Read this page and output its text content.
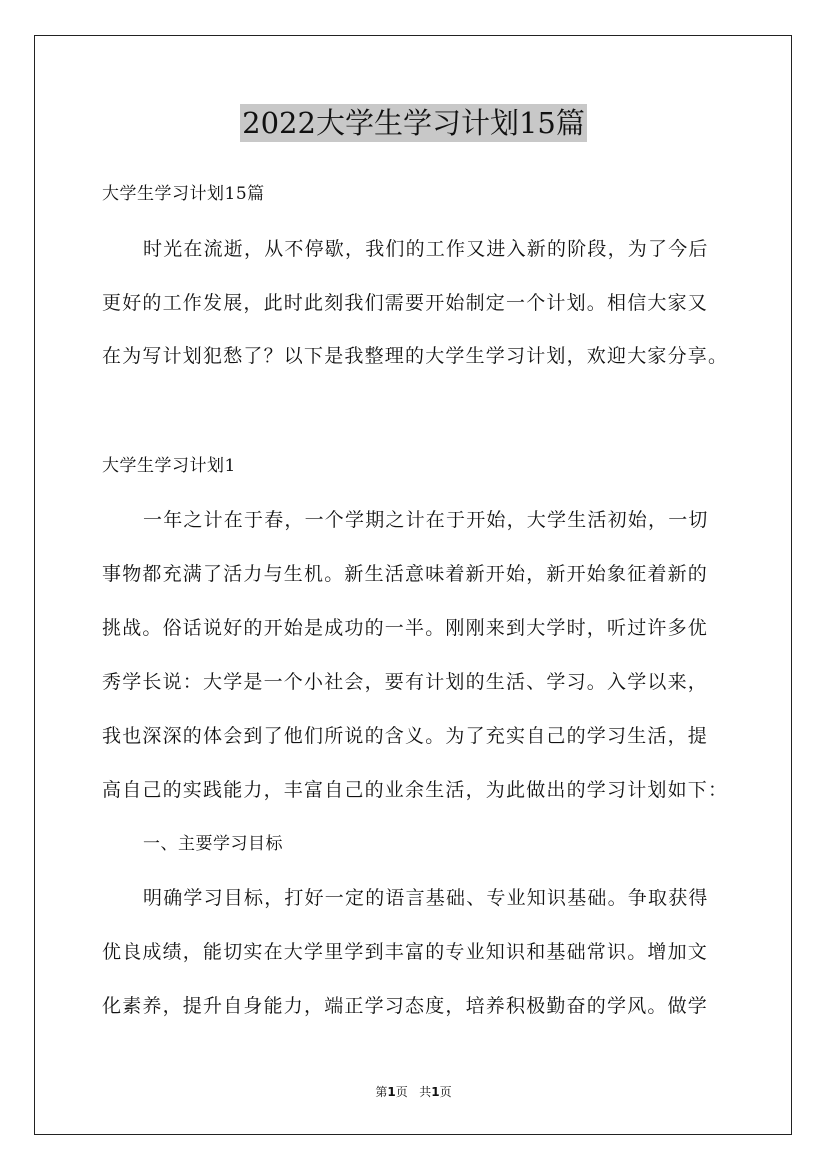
2022大学生学习计划15篇
大学生学习计划15篇
时光在流逝，从不停歇，我们的工作又进入新的阶段，为了今后
更好的工作发展，此时此刻我们需要开始制定一个计划。相信大家又
在为写计划犯愁了？以下是我整理的大学生学习计划，欢迎大家分享。
大学生学习计划1
一年之计在于春，一个学期之计在于开始，大学生活初始，一切
事物都充满了活力与生机。新生活意味着新开始，新开始象征着新的
挑战。俗话说好的开始是成功的一半。刚刚来到大学时，听过许多优
秀学长说：大学是一个小社会，要有计划的生活、学习。入学以来，
我也深深的体会到了他们所说的含义。为了充实自己的学习生活，提
高自己的实践能力，丰富自己的业余生活，为此做出的学习计划如下：
一、主要学习目标
明确学习目标，打好一定的语言基础、专业知识基础。争取获得
优良成绩，能切实在大学里学到丰富的专业知识和基础常识。增加文
化素养，提升自身能力，端正学习态度，培养积极勤奋的学风。做学
第1页 共1页
